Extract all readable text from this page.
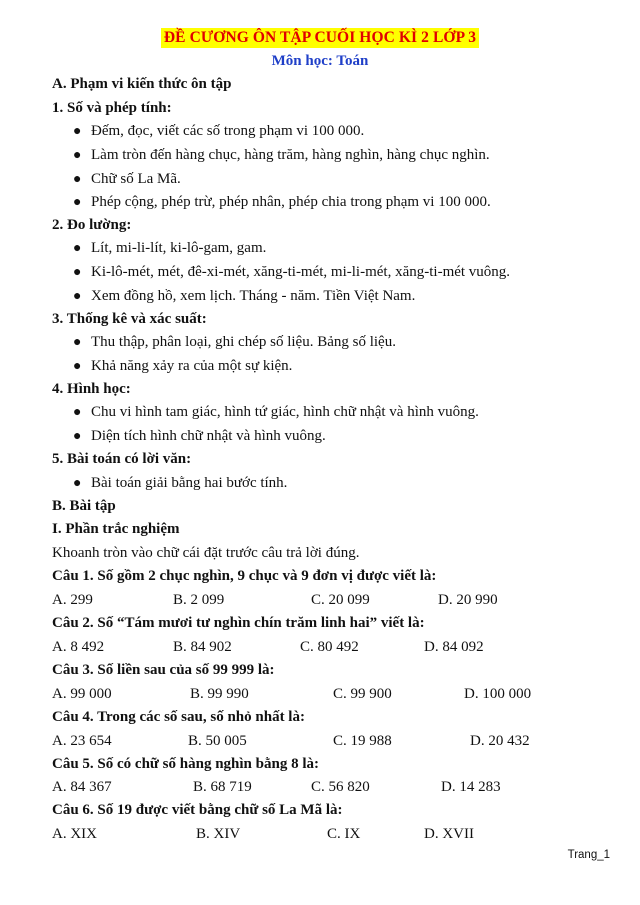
ĐỀ CƯƠNG ÔN TẬP CUỐI HỌC KÌ 2 LỚP 3
Môn học: Toán
A. Phạm vi kiến thức ôn tập
1. Số và phép tính:
● Đếm, đọc, viết các số trong phạm vi 100 000.
● Làm tròn đến hàng chục, hàng trăm, hàng nghìn, hàng chục nghìn.
● Chữ số La Mã.
● Phép cộng, phép trừ, phép nhân, phép chia trong phạm vi 100 000.
2. Đo lường:
● Lít, mi-li-lít, ki-lô-gam, gam.
● Ki-lô-mét, mét, đê-xi-mét, xăng-ti-mét, mi-li-mét, xăng-ti-mét vuông.
● Xem đồng hồ, xem lịch. Tháng - năm. Tiền Việt Nam.
3. Thống kê và xác suất:
● Thu thập, phân loại, ghi chép số liệu. Bảng số liệu.
● Khả năng xảy ra của một sự kiện.
4. Hình học:
● Chu vi hình tam giác, hình tứ giác, hình chữ nhật và hình vuông.
● Diện tích hình chữ nhật và hình vuông.
5. Bài toán có lời văn:
● Bài toán giải bằng hai bước tính.
B. Bài tập
I. Phần trắc nghiệm
Khoanh tròn vào chữ cái đặt trước câu trả lời đúng.
Câu 1. Số gồm 2 chục nghìn, 9 chục và 9 đơn vị được viết là:
A. 299	B. 2 099	C. 20 099	D. 20 990
Câu 2. Số “Tám mươi tư nghìn chín trăm linh hai” viết là:
A. 8 492	B. 84 902	C. 80 492	D. 84 092
Câu 3. Số liền sau của số 99 999 là:
A. 99 000	B. 99 990	C. 99 900	D. 100 000
Câu 4. Trong các số sau, số nhỏ nhất là:
A. 23 654	B. 50 005	C. 19 988	D. 20 432
Câu 5. Số có chữ số hàng nghìn bằng 8 là:
A. 84 367	B. 68 719	C. 56 820	D. 14 283
Câu 6. Số 19 được viết bằng chữ số La Mã là:
A. XIX	B. XIV	C. IX	D. XVII
Trang_1
